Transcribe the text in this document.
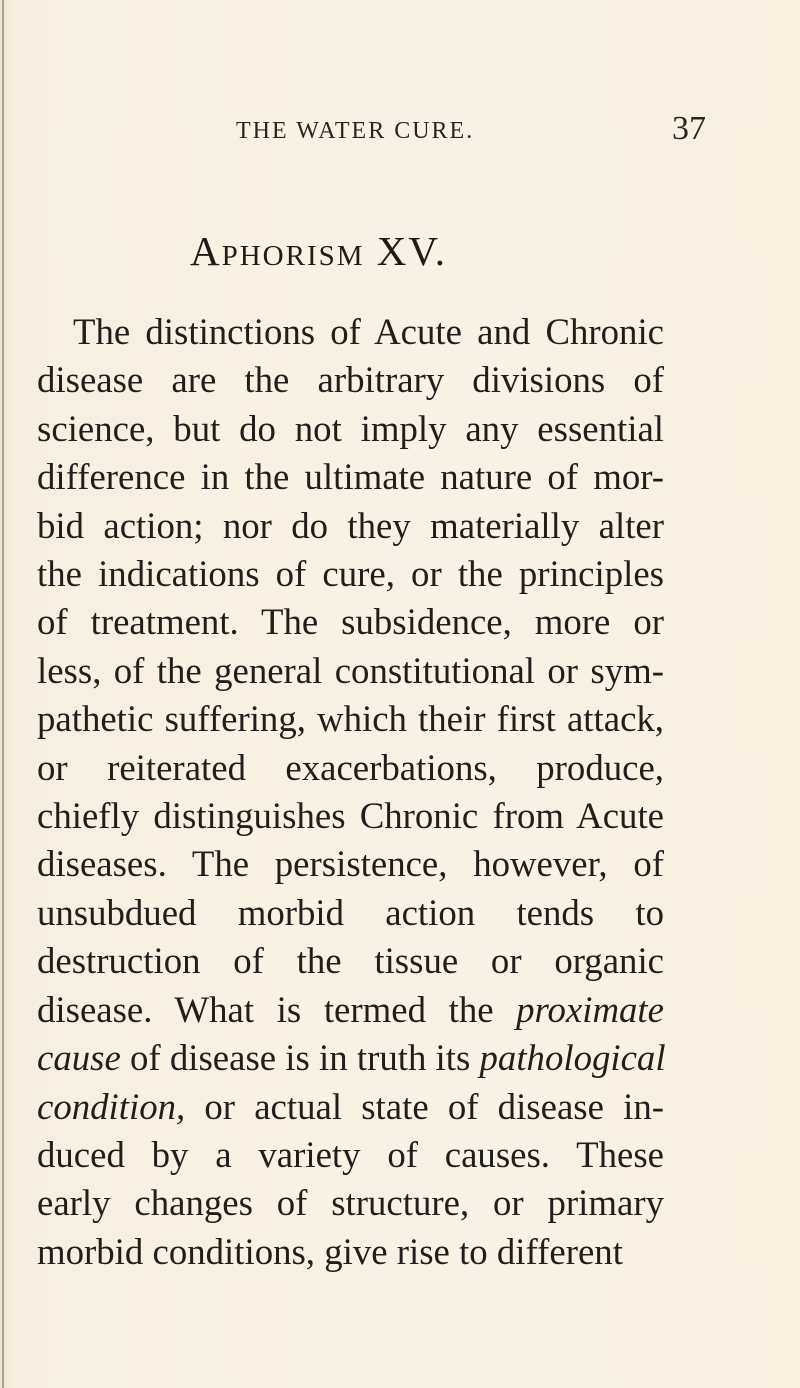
THE WATER CURE.	37
Aphorism XV.
The distinctions of Acute and Chronic
disease are the arbitrary divisions of
science, but do not imply any essential
difference in the ultimate nature of mor-
bid action; nor do they materially alter
the indications of cure, or the principles
of treatment. The subsidence, more or
less, of the general constitutional or sym-
pathetic suffering, which their first attack,
or reiterated exacerbations, produce,
chiefly distinguishes Chronic from Acute
diseases. The persistence, however, of
unsubdued morbid action tends to
destruction of the tissue or organic
disease. What is termed the proximate
cause of disease is in truth its pathological
condition, or actual state of disease in-
duced by a variety of causes. These
early changes of structure, or primary
morbid conditions, give rise to different
